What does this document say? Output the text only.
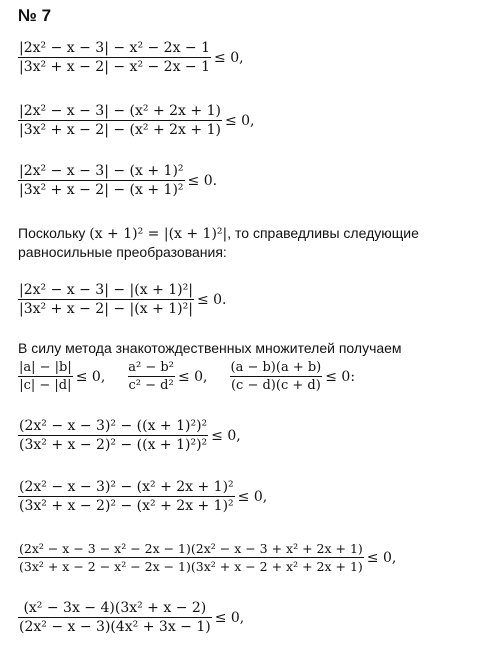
№ 7
$\frac{\text{|2x² − x − 3| − x² − 2x − 1}}{\text{|3x² + x − 2| − x² − 2x − 1}} \le 0$,
$\frac{\text{|2x² − x − 3| − (x² + 2x + 1)}}{\text{|3x² + x − 2| − (x² + 2x + 1)}} \le 0$,
$\frac{\text{|2x² − x − 3| − (x + 1)²}}{\text{|3x² + x − 2| − (x + 1)²}} \le 0$.
Поскольку (x + 1)² = |(x + 1)²|, то справедливы следующие
равносильные преобразования:
$\frac{\text{|2x² − x − 3| − |(x + 1)²|}}{\text{|3x² + x − 2| − |(x + 1)²|}} \le 0$.
В силу метода знакотождественных множителей получаем
$\frac{|a| - |b|}{|c| - |d|} \le 0$, $\frac{\text{a² − b²}}{\text{c² − d²}} \le 0$, $\frac{(a - b)(a + b)}{(c - d)(c + d)} \le 0$:
$\frac{\text{(2x² − x − 3)² − ((x + 1)²)²}}{\text{(3x² + x − 2)² − ((x + 1)²)²}} \le 0$,
$\frac{\text{(2x² − x − 3)² − (x² + 2x + 1)²}}{\text{(3x² + x − 2)² − (x² + 2x + 1)²}} \le 0$,
$\frac{\text{(2x² − x − 3 − x² − 2x − 1)(2x² − x − 3 + x² + 2x + 1)}}{\text{(3x² + x − 2 − x² − 2x − 1)(3x² + x − 2 + x² + 2x + 1)}} \le 0$,
$\frac{\text{(x² − 3x − 4)(3x² + x − 2)}}{\text{(2x² − x − 3)(4x² + 3x − 1)}} \le 0$,
